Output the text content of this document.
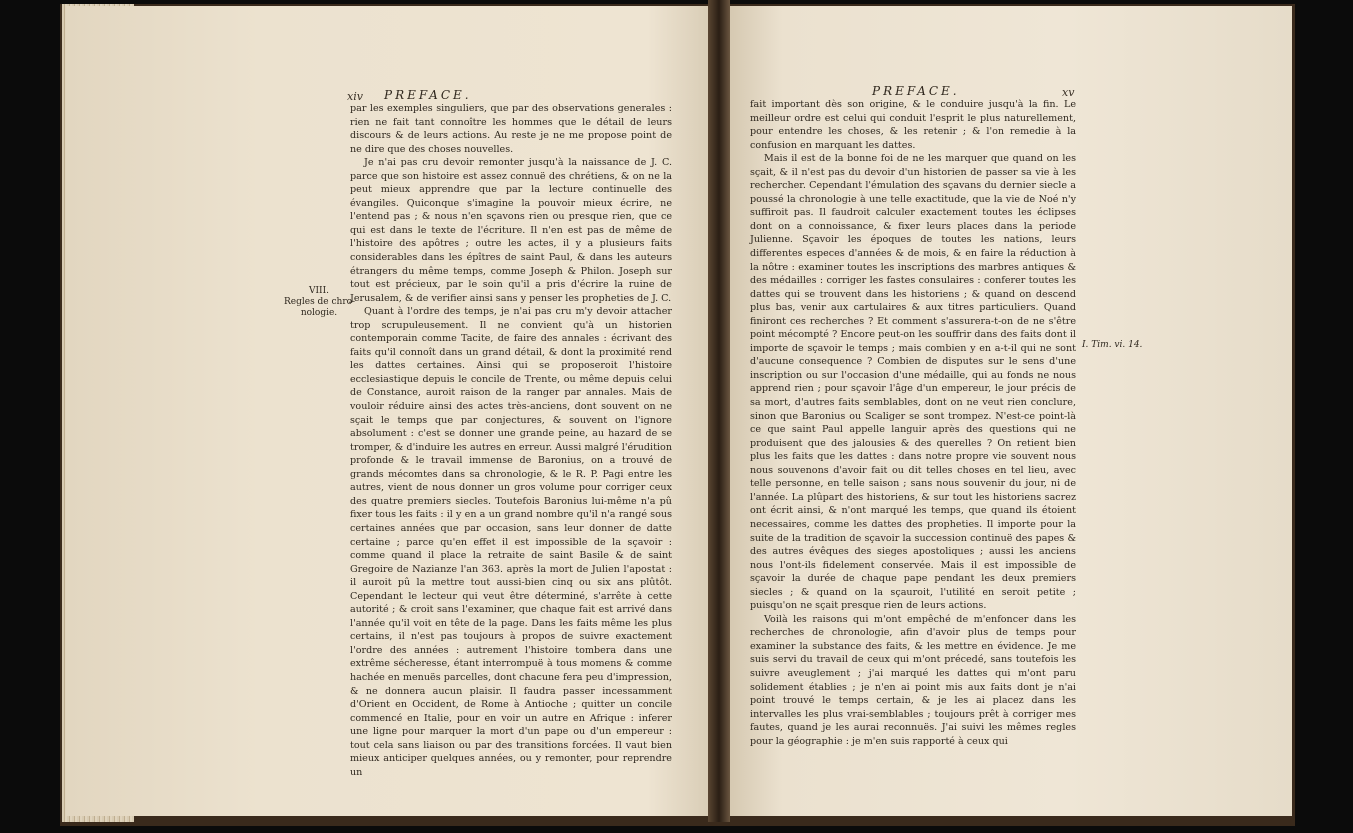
xiv PREFACE.
VIII.
Regles de chro-
nologie.

par les exemples singuliers, que par des observations generales : rien ne fait tant connoître les hommes que le détail de leurs discours & de leurs actions. Au reste je ne me propose point de ne dire que des choses nouvelles.

Je n'ai pas cru devoir remonter jusqu'à la naissance de J. C. parce que son histoire est assez connuë des chrétiens, & on ne la peut mieux apprendre que par la lecture continuelle des évangiles. Quiconque s'imagine la pouvoir mieux écrire, ne l'entend pas ; & nous n'en sçavons rien ou presque rien, que ce qui est dans le texte de l'écriture. Il n'en est pas de même de l'histoire des apôtres ; outre les actes, il y a plusieurs faits considerables dans les épîtres de saint Paul, & dans les auteurs étrangers du même temps, comme Joseph & Philon. Joseph sur tout est précieux, par le soin qu'il a pris d'écrire la ruine de Jerusalem, & de verifier ainsi sans y penser les propheties de J. C.

Quant à l'ordre des temps, je n'ai pas cru m'y devoir attacher trop scrupuleusement. Il ne convient qu'à un historien contemporain comme Tacite, de faire des annales : écrivant des faits qu'il connoît dans un grand détail, & dont la proximité rend les dattes certaines. Ainsi qui se proposeroit l'histoire ecclesiastique depuis le concile de Trente, ou même depuis celui de Constance, auroit raison de la ranger par annales. Mais de vouloir réduire ainsi des actes très-anciens, dont souvent on ne sçait le temps que par conjectures, & souvent on l'ignore absolument : c'est se donner une grande peine, au hazard de se tromper, & d'induire les autres en erreur. Aussi malgré l'érudition profonde & le travail immense de Baronius, on a trouvé de grands mécomtes dans sa chronologie, & le R. P. Pagi entre les autres, vient de nous donner un gros volume pour corriger ceux des quatre premiers siecles. Toutefois Baronius lui-même n'a pû fixer tous les faits : il y en a un grand nombre qu'il n'a rangé sous certaines années que par occasion, sans leur donner de datte certaine ; parce qu'en effet il est impossible de la sçavoir : comme quand il place la retraite de saint Basile & de saint Gregoire de Nazianze l'an 363. après la mort de Julien l'apostat : il auroit pû la mettre tout aussi-bien cinq ou six ans plûtôt. Cependant le lecteur qui veut être déterminé, s'arrête à cette autorité ; & croit sans l'examiner, que chaque fait est arrivé dans l'année qu'il voit en tête de la page. Dans les faits même les plus certains, il n'est pas toujours à propos de suivre exactement l'ordre des années : autrement l'histoire tombera dans une extrême sécheresse, étant interrompuë à tous momens & comme hachée en menuës parcelles, dont chacune fera peu d'impression, & ne donnera aucun plaisir. Il faudra passer incessamment d'Orient en Occident, de Rome à Antioche ; quitter un concile commencé en Italie, pour en voir un autre en Afrique : inferer une ligne pour marquer la mort d'un pape ou d'un empereur : tout cela sans liaison ou par des transitions forcées. Il vaut bien mieux anticiper quelques années, ou y remonter, pour reprendre un

PREFACE.	xv

fait important dès son origine, & le conduire jusqu'à la fin. Le meilleur ordre est celui qui conduit l'esprit le plus naturellement, pour entendre les choses, & les retenir ; & l'on remedie à la confusion en marquant les dattes.

Mais il est de la bonne foi de ne les marquer que quand on les sçait, & il n'est pas du devoir d'un historien de passer sa vie à les rechercher. Cependant l'émulation des sçavans du dernier siecle a poussé la chronologie à une telle exactitude, que la vie de Noé n'y suffiroit pas. Il faudroit calculer exactement toutes les éclipses dont on a connoissance, & fixer leurs places dans la periode Julienne. Sçavoir les époques de toutes les nations, leurs differentes especes d'années & de mois, & en faire la réduction à la nôtre : examiner toutes les inscriptions des marbres antiques & des médailles : corriger les fastes consulaires : conferer toutes les dattes qui se trouvent dans les historiens ; & quand on descend plus bas, venir aux cartulaires & aux titres particuliers. Quand finiront ces recherches ? Et comment s'assurera-t-on de ne s'être point mécompté ? Encore peut-on les souffrir dans des faits dont il importe de sçavoir le temps ; mais combien y en a-t-il qui ne sont d'aucune consequence ? Combien de disputes sur le sens d'une inscription ou sur l'occasion d'une médaille, qui au fonds ne nous apprend rien ; pour sçavoir l'âge d'un empereur, le jour précis de sa mort, d'autres faits semblables, dont on ne veut rien conclure, sinon que Baronius ou Scaliger se sont trompez. N'est-ce point-là ce que saint Paul appelle languir après des questions qui ne produisent que des jalousies & des querelles ? On retient bien plus les faits que les dattes : dans notre propre vie souvent nous nous souvenons d'avoir fait ou dit telles choses en tel lieu, avec telle personne, en telle saison ; sans nous souvenir du jour, ni de l'année. La plûpart des historiens, & sur tout les historiens sacrez ont écrit ainsi, & n'ont marqué les temps, que quand ils étoient necessaires, comme les dattes des propheties. Il importe pour la suite de la tradition de sçavoir la succession continuë des papes & des autres évêques des sieges apostoliques ; aussi les anciens nous l'ont-ils fidelement conservée. Mais il est impossible de sçavoir la durée de chaque pape pendant les deux premiers siecles ; & quand on la sçauroit, l'utilité en seroit petite ; puisqu'on ne sçait presque rien de leurs actions.

Voilà les raisons qui m'ont empêché de m'enfoncer dans les recherches de chronologie, afin d'avoir plus de temps pour examiner la substance des faits, & les mettre en évidence. Je me suis servi du travail de ceux qui m'ont précedé, sans toutefois les suivre aveuglement ; j'ai marqué les dattes qui m'ont paru solidement établies ; je n'en ai point mis aux faits dont je n'ai point trouvé le temps certain, & je les ai placez dans les intervalles les plus vrai-semblables ; toujours prêt à corriger mes fautes, quand je les aurai reconnuës. J'ai suivi les mêmes regles pour la géographie : je m'en suis rapporté à ceux qui

I. Tim. vi. 14.
